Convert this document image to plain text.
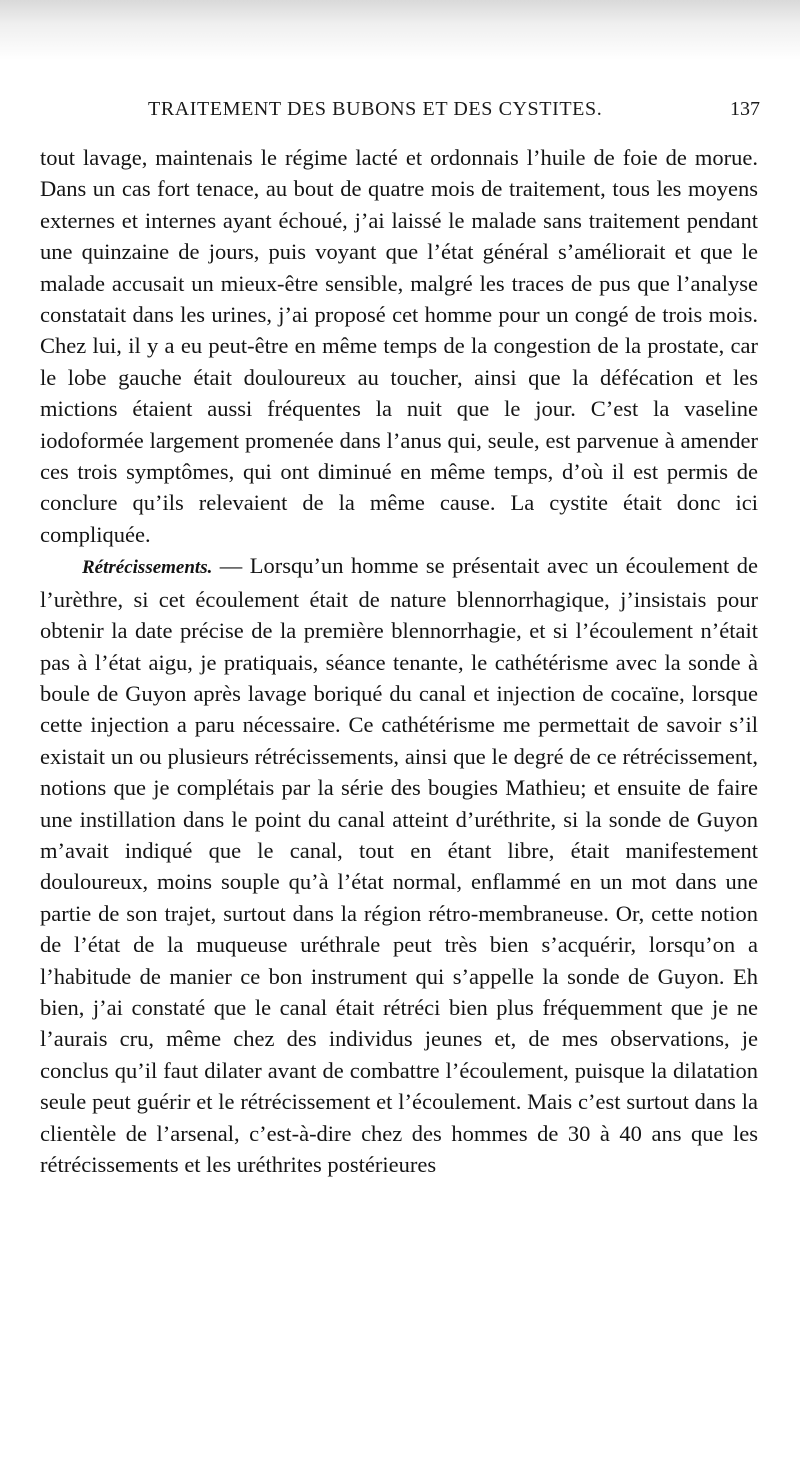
TRAITEMENT DES BUBONS ET DES CYSTITES.	137

tout lavage, maintenais le régime lacté et ordonnais l’huile de foie de morue. Dans un cas fort tenace, au bout de quatre mois de traitement, tous les moyens externes et internes ayant échoué, j’ai laissé le malade sans traitement pendant une quinzaine de jours, puis voyant que l’état général s’améliorait et que le malade accusait un mieux-être sensible, malgré les traces de pus que l’analyse constatait dans les urines, j’ai proposé cet homme pour un congé de trois mois. Chez lui, il y a eu peut-être en même temps de la congestion de la prostate, car le lobe gauche était douloureux au toucher, ainsi que la défécation et les mictions étaient aussi fréquentes la nuit que le jour. C’est la vaseline iodoformée largement promenée dans l’anus qui, seule, est parvenue à amender ces trois symptômes, qui ont diminué en même temps, d’où il est permis de conclure qu’ils relevaient de la même cause. La cystite était donc ici compliquée.

Rétrécissements. — Lorsqu’un homme se présentait avec un écoulement de l’urèthre, si cet écoulement était de nature blennorrhagique, j’insistais pour obtenir la date précise de la première blennorrhagie, et si l’écoulement n’était pas à l’état aigu, je pratiquais, séance tenante, le cathétérisme avec la sonde à boule de Guyon après lavage boriqué du canal et injection de cocaïne, lorsque cette injection a paru nécessaire. Ce cathétérisme me permettait de savoir s’il existait un ou plusieurs rétrécissements, ainsi que le degré de ce rétrécissement, notions que je complétais par la série des bougies Mathieu; et ensuite de faire une instillation dans le point du canal atteint d’uréthrite, si la sonde de Guyon m’avait indiqué que le canal, tout en étant libre, était manifestement douloureux, moins souple qu’à l’état normal, enflammé en un mot dans une partie de son trajet, surtout dans la région rétro-membraneuse. Or, cette notion de l’état de la muqueuse uréthrale peut très bien s’acquérir, lorsqu’on a l’habitude de manier ce bon instrument qui s’appelle la sonde de Guyon. Eh bien, j’ai constaté que le canal était rétréci bien plus fréquemment que je ne l’aurais cru, même chez des individus jeunes et, de mes observations, je conclus qu’il faut dilater avant de combattre l’écoulement, puisque la dilatation seule peut guérir et le rétrécissement et l’écoulement. Mais c’est surtout dans la clientèle de l’arsenal, c’est-à-dire chez des hommes de 30 à 40 ans que les rétrécissements et les uréthrites postérieures
